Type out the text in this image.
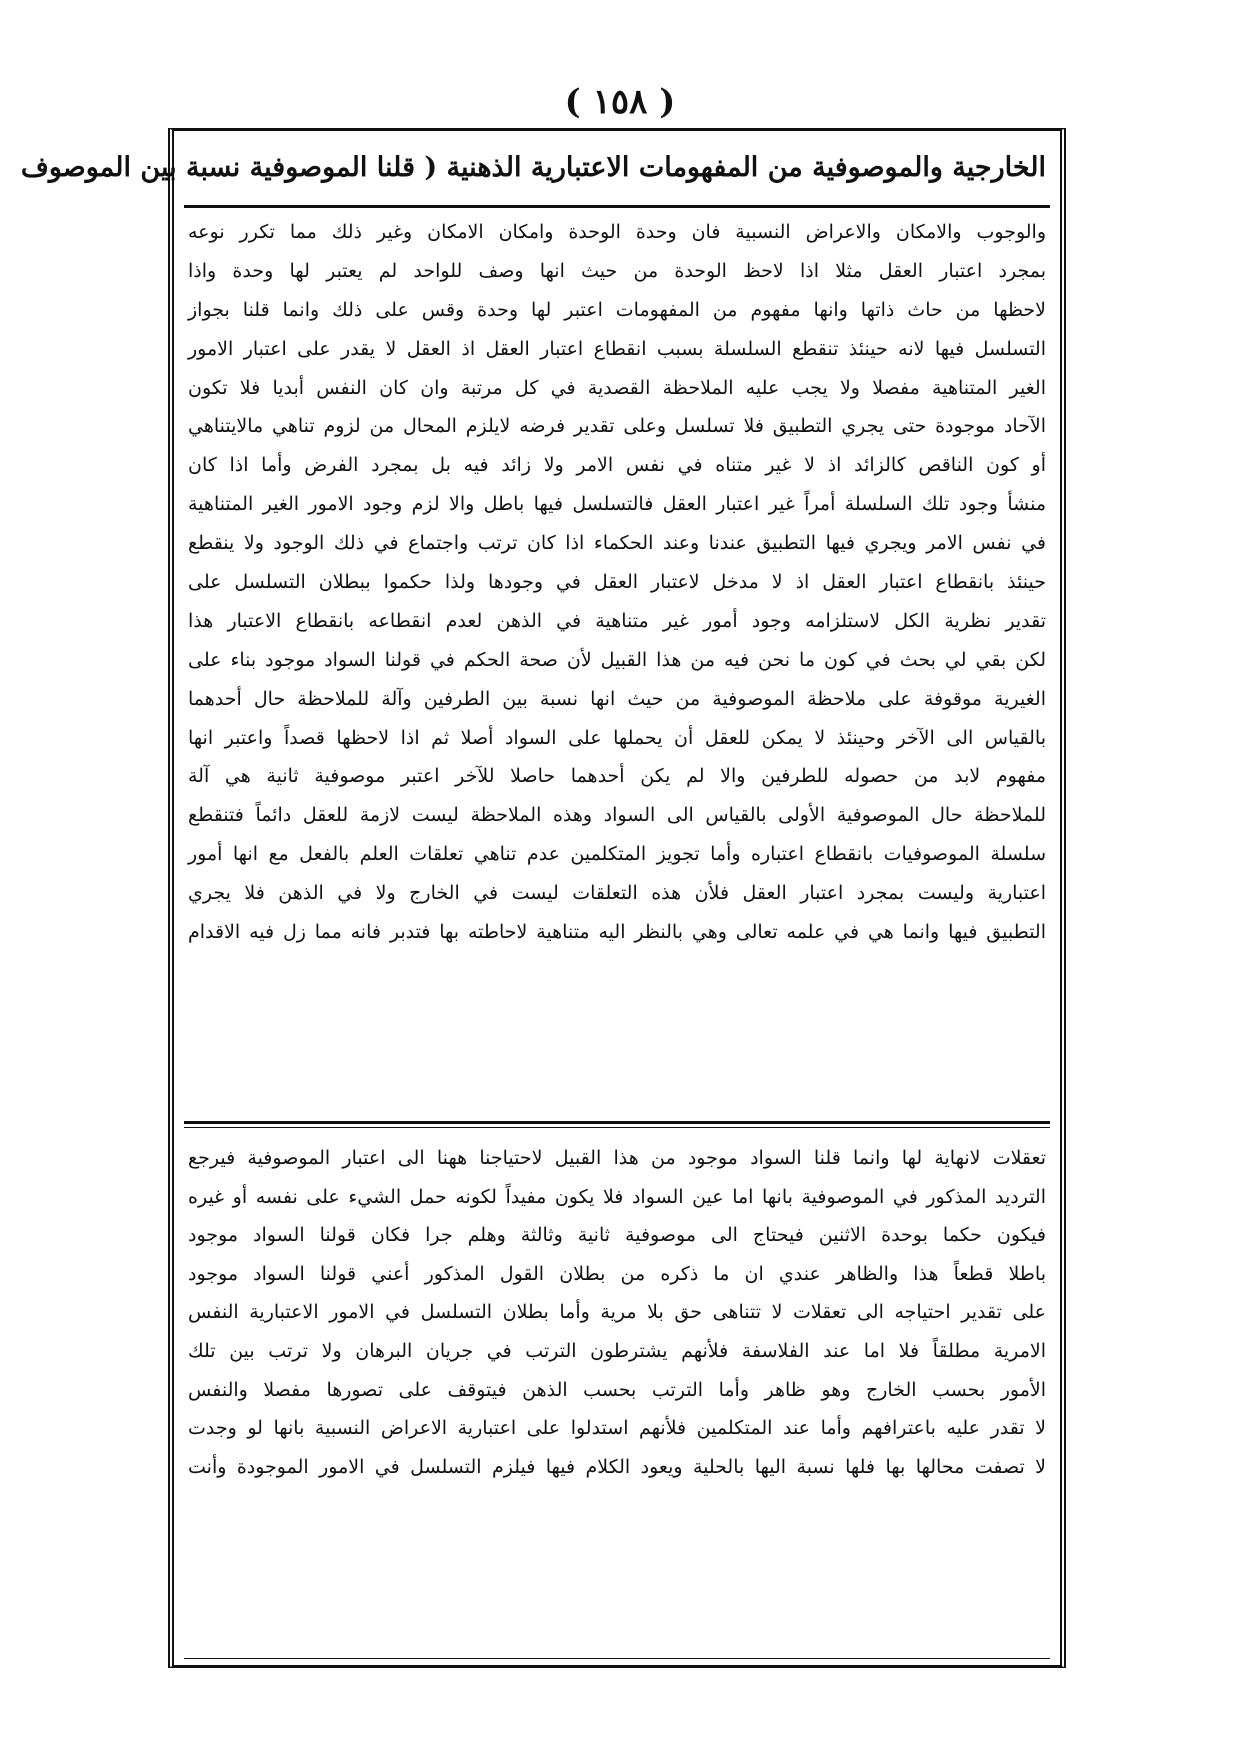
( ١٥٨ )
الخارجية والموصوفية من المفهومات الاعتبارية الذهنية ( قلنا الموصوفية نسبة بين الموصوف
والوجوب والامكان والاعراض النسبية فان وحدة الوحدة وامكان الامكان وغير ذلك مما تكرر نوعه
بمجرد اعتبار العقل مثلا اذا لاحظ الوحدة من حيث انها وصف للواحد لم يعتبر لها وحدة واذا
لاحظها من حاث ذاتها وانها مفهوم من المفهومات اعتبر لها وحدة وقس على ذلك وانما قلنا بجواز
التسلسل فيها لانه حينئذ تنقطع السلسلة بسبب انقطاع اعتبار العقل اذ العقل لا يقدر على اعتبار الامور
الغير المتناهية مفصلا ولا يجب عليه الملاحظة القصدية في كل مرتبة وان كان النفس أبديا فلا تكون
الآحاد موجودة حتى يجري التطبيق فلا تسلسل وعلى تقدير فرضه لايلزم المحال من لزوم تناهي مالايتناهي
أو كون الناقص كالزائد اذ لا غير متناه في نفس الامر ولا زائد فيه بل بمجرد الفرض وأما اذا كان
منشأ وجود تلك السلسلة أمراً غير اعتبار العقل فالتسلسل فيها باطل والا لزم وجود الامور الغير المتناهية
في نفس الامر ويجري فيها التطبيق عندنا وعند الحكماء اذا كان ترتب واجتماع في ذلك الوجود ولا ينقطع
حينئذ بانقطاع اعتبار العقل اذ لا مدخل لاعتبار العقل في وجودها ولذا حكموا ببطلان التسلسل على
تقدير نظرية الكل لاستلزامه وجود أمور غير متناهية في الذهن لعدم انقطاعه بانقطاع الاعتبار هذا
لكن بقي لي بحث في كون ما نحن فيه من هذا القبيل لأن صحة الحكم في قولنا السواد موجود بناء على
الغيرية موقوفة على ملاحظة الموصوفية من حيث انها نسبة بين الطرفين وآلة للملاحظة حال أحدهما
بالقياس الى الآخر وحينئذ لا يمكن للعقل أن يحملها على السواد أصلا ثم اذا لاحظها قصداً واعتبر انها
مفهوم لابد من حصوله للطرفين والا لم يكن أحدهما حاصلا للآخر اعتبر موصوفية ثانية هي آلة
للملاحظة حال الموصوفية الأولى بالقياس الى السواد وهذه الملاحظة ليست لازمة للعقل دائماً فتنقطع
سلسلة الموصوفيات بانقطاع اعتباره وأما تجويز المتكلمين عدم تناهي تعلقات العلم بالفعل مع انها أمور
اعتبارية وليست بمجرد اعتبار العقل فلأن هذه التعلقات ليست في الخارج ولا في الذهن فلا يجري
التطبيق فيها وانما هي في علمه تعالى وهي بالنظر اليه متناهية لاحاطته بها فتدبر فانه مما زل فيه الاقدام
تعقلات لانهاية لها وانما قلنا السواد موجود من هذا القبيل لاحتياجنا ههنا الى اعتبار الموصوفية فيرجع
الترديد المذكور في الموصوفية بانها اما عين السواد فلا يكون مفيداً لكونه حمل الشيء على نفسه أو غيره
فيكون حكما بوحدة الاثنين فيحتاج الى موصوفية ثانية وثالثة وهلم جرا فكان قولنا السواد موجود
باطلا قطعاً هذا والظاهر عندي ان ما ذكره من بطلان القول المذكور أعني قولنا السواد موجود
على تقدير احتياجه الى تعقلات لا تتناهى حق بلا مرية وأما بطلان التسلسل في الامور الاعتبارية النفس
الامرية مطلقاً فلا اما عند الفلاسفة فلأنهم يشترطون الترتب في جريان البرهان ولا ترتب بين تلك
الأمور بحسب الخارج وهو ظاهر وأما الترتب بحسب الذهن فيتوقف على تصورها مفصلا والنفس
لا تقدر عليه باعترافهم وأما عند المتكلمين فلأنهم استدلوا على اعتبارية الاعراض النسبية بانها لو وجدت
لا تصفت محالها بها فلها نسبة اليها بالحلية ويعود الكلام فيها فيلزم التسلسل في الامور الموجودة وأنت
